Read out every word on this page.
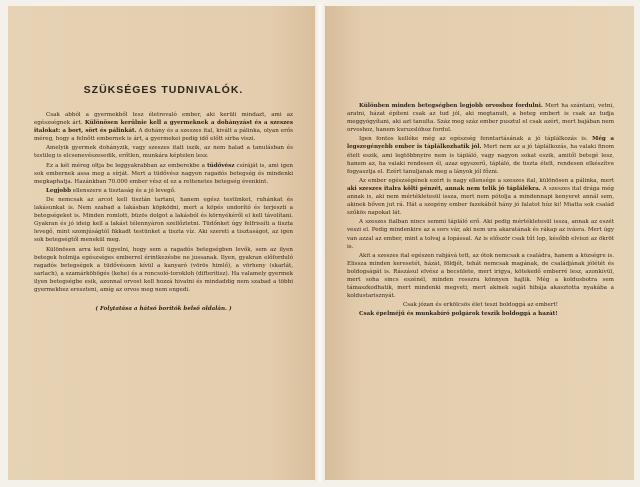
SZÜKSÉGES TUDNIVALÓK.

Csak abból a gyermekből lesz életrevaló ember, aki kerüli mindazt, ami az egészségnek árt. Különösen kerülnie kell a gyermeknek a dohányzást és a szeszes italokat: a bort, sört és pálinkát. A dohány és a szeszes ital, kivált a pálinka, olyan erős méreg, hogy a felnőtt embernek is árt, a gyermekei pedig idő előtt sírba viszi.

Amelyik gyermek dohányzik, vagy szeszes italt iszik, az nem halad a tanulásban és testileg is elcsenevészesedik, erőtlen, munkára képtelen lesz.

Ez a két méreg oltja be leggyakrabban az emberekbe a tüdővész csíráját is, ami igen sok embernek assa meg a sírját. Mert a tüdővész nagyon ragadós betegség és mindenki megkaphatja. Hazánkban 70.000 ember vész el ez a rettenetes betegség évenkint.

Legjobb ellenszere a tisztaság és a jó levegő.

De nemcsak az arcot kell tisztán tartani, hanem egész testünket, ruhánkat és lakásunkat is. Nem szabad a lakásban köpködni, mert a köpés undorító és terjeszti a betegségeket is. Minden romlott, büzös dolgot a lakásból és környékéről el kell távolítani. Gyakran és jó ideig kell a lakást télennyáron szellőztetni. Tüdőnket úgy felfrissíti a tiszta levegő, mint szomjúságtól fikkadt testünket a tiszta víz. Aki szereti a tisztaságot, az igen sok betegségtől menekül meg.

Különösen arra kell ügyelni, hogy sem a ragadós betegségben levők, sem az ilyen betegek holmija egészséges emberrel érintkezésbe ne jussanak. Ilyen, gyakran előforduló ragadós betegségek a tüdővészen kívül a kanyaró (vörös himlő), a vörheny (skarlát, sarlach), a szamárköhögés (kehe) és a roncsoló-torokloh (difteritisz). Ha valamely gyermek ilyen betegségbe esik, azonnal orvost kell hozzá hivatni és mindaddig nem szabad a többi gyermekhez ereszteni, amíg az orvos meg nem engedi.

( Folytatása a hátsó borítók belső oldalán. )

Különben minden betegségben legjobb orvoshoz fordulni. Mert ha szántani, vetni, aratni, házat építeni csak az tud jól, aki megtanult, a beteg embert is csak az tudja meggyógyítani, aki azt tanulta. Száz meg száz ember pusztul el csak azért, mert bajában nem orvoshoz, hanem kuruzslóhoz fordul.

Igen fontos kellékе még az egészség fenntartásának a jó táplálkozás is. Még a legszegényebb ember is táplálkozhatik jól. Mert nem az a jó táplálkozás, ha valaki finom ételt eszik, ami legtöbbnyire nem is tápláló, vagy nagyon sokat eszik, amitől betegé lesz, hanem az, ha valaki rendesen él, azaz egyszerű, tápláló, de tiszta ételt, rendesen elkészítve fogyasztja el. Ezért tanuljanak meg a lányok jól főzni.

Az ember egészségének ezért is nagy ellensége a szeszes ital, különösen a pálinka, mert aki szeszes italra költi pénzét, annak nem telik jó táplálékra. A szeszes ital drága még annak is, aki nem mértékletesül issza, mert nem pótolja a mindennapi kenyeret annál sem, akinek bőven jut rá. Hát a szegény ember fazekából hány jó falatot húz ki! Miatta sok család szűkös napokat lát.

A szeszes italban nincs semmi tápláló erő. Aki pedig mértékletesül issza, annak az eszét veszi el. Pedig mindenkire az a sors vár, aki nem ura akaratának és rákap az ivásra. Mert úgy van azzal az ember, mint a tolvaj a lopással. Az is először csak tűt lop, később elviszi az ökröt is.

Akit a szeszes ital egészen rabjává tett, az ótok nemcsak a családra, hanem a községre is. Elissza minden keresetét, házát, földjét, tehát nemcsak magának, de családjának jólétét és boldogságát is. Rászásul elvész a becsülete, mert irigyа, kötekedő emberré lesz, azonkívül, mert soha sincs eszénél, minden rosszra könnyen hajlik. Még a koldusbotra sem támaszkodhatik, mert mindenki megveti, mert akinek saját hibája akasztotta nyakába a koldustarisznyát.

Csak józan és erkölcsös élet teszi boldoggá az embert!

Csak épelméjű és munkabíró polgárok teszik boldoggá a hazát!
